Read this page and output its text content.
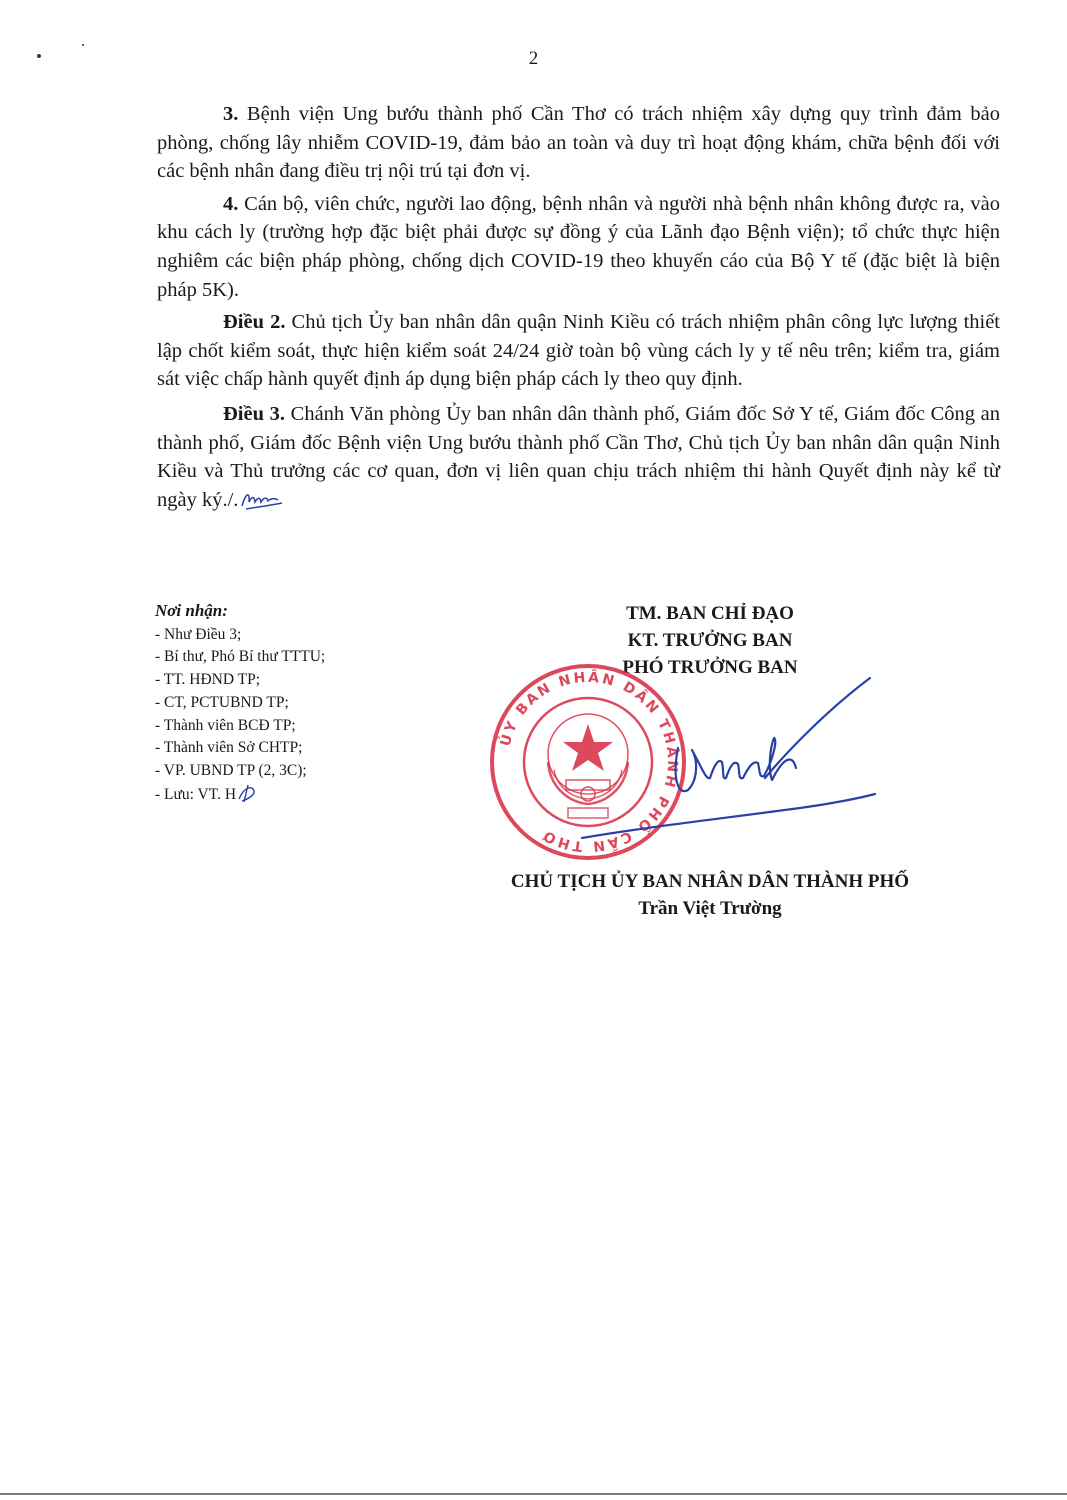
2

3. Bệnh viện Ung bướu thành phố Cần Thơ có trách nhiệm xây dựng quy trình đảm bảo phòng, chống lây nhiễm COVID-19, đảm bảo an toàn và duy trì hoạt động khám, chữa bệnh đối với các bệnh nhân đang điều trị nội trú tại đơn vị.

4. Cán bộ, viên chức, người lao động, bệnh nhân và người nhà bệnh nhân không được ra, vào khu cách ly (trường hợp đặc biệt phải được sự đồng ý của Lãnh đạo Bệnh viện); tổ chức thực hiện nghiêm các biện pháp phòng, chống dịch COVID-19 theo khuyến cáo của Bộ Y tế (đặc biệt là biện pháp 5K).

Điều 2. Chủ tịch Ủy ban nhân dân quận Ninh Kiều có trách nhiệm phân công lực lượng thiết lập chốt kiểm soát, thực hiện kiểm soát 24/24 giờ toàn bộ vùng cách ly y tế nêu trên; kiểm tra, giám sát việc chấp hành quyết định áp dụng biện pháp cách ly theo quy định.

Điều 3. Chánh Văn phòng Ủy ban nhân dân thành phố, Giám đốc Sở Y tế, Giám đốc Công an thành phố, Giám đốc Bệnh viện Ung bướu thành phố Cần Thơ, Chủ tịch Ủy ban nhân dân quận Ninh Kiều và Thủ trưởng các cơ quan, đơn vị liên quan chịu trách nhiệm thi hành Quyết định này kể từ ngày ký./.

Nơi nhận:
- Như Điều 3;
- Bí thư, Phó Bí thư TTTU;
- TT. HĐND TP;
- CT, PCTUBND TP;
- Thành viên BCĐ TP;
- Thành viên Sở CHTP;
- VP. UBND TP (2, 3C);
- Lưu: VT. H
TM. BAN CHỈ ĐẠO
KT. TRƯỞNG BAN
PHÓ TRƯỞNG BAN
ỦY BAN NHÂN DÂN THÀNH PHỐ CẦN THƠ
CHỦ TỊCH ỦY BAN NHÂN DÂN THÀNH PHỐ
Trần Việt Trường
